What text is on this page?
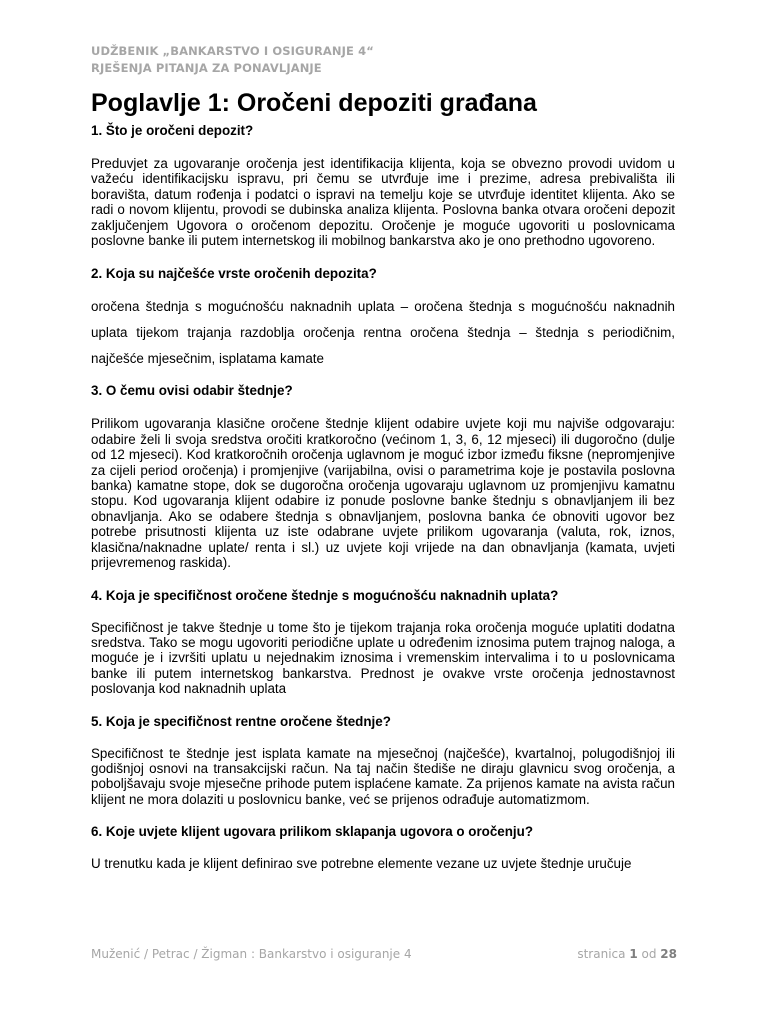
UDŽBENIK „BANKARSTVO I OSIGURANJE 4“
RJEŠENJA PITANJA ZA PONAVLJANJE
Poglavlje 1: Oročeni depoziti građana

1. Što je oročeni depozit?

Preduvjet za ugovaranje oročenja jest identifikacija klijenta, koja se obvezno provodi uvidom u važeću identifikacijsku ispravu, pri čemu se utvrđuje ime i prezime, adresa prebivališta ili boravišta, datum rođenja i podatci o ispravi na temelju koje se utvrđuje identitet klijenta. Ako se radi o novom klijentu, provodi se dubinska analiza klijenta. Poslovna banka otvara oročeni depozit zaključenjem Ugovora o oročenom depozitu. Oročenje je moguće ugovoriti u poslovnicama poslovne banke ili putem internetskog ili mobilnog bankarstva ako je ono prethodno ugovoreno.

2. Koja su najčešće vrste oročenih depozita?

oročena štednja s mogućnošću naknadnih uplata – oročena štednja s mogućnošću naknadnih uplata tijekom trajanja razdoblja oročenja rentna oročena štednja – štednja s periodičnim, najčešće mjesečnim, isplatama kamate

3. O čemu ovisi odabir štednje?

Prilikom ugovaranja klasične oročene štednje klijent odabire uvjete koji mu najviše odgovaraju: odabire želi li svoja sredstva oročiti kratkoročno (većinom 1, 3, 6, 12 mjeseci) ili dugoročno (dulje od 12 mjeseci). Kod kratkoročnih oročenja uglavnom je moguć izbor između fiksne (nepromjenjive za cijeli period oročenja) i promjenjive (varijabilna, ovisi o parametrima koje je postavila poslovna banka) kamatne stope, dok se dugoročna oročenja ugovaraju uglavnom uz promjenjivu kamatnu stopu. Kod ugovaranja klijent odabire iz ponude poslovne banke štednju s obnavljanjem ili bez obnavljanja. Ako se odabere štednja s obnavljanjem, poslovna banka će obnoviti ugovor bez potrebe prisutnosti klijenta uz iste odabrane uvjete prilikom ugovaranja (valuta, rok, iznos, klasična/naknadne uplate/ renta i sl.) uz uvjete koji vrijede na dan obnavljanja (kamata, uvjeti prijevremenog raskida).

4. Koja je specifičnost oročene štednje s mogućnošću naknadnih uplata?

Specifičnost je takve štednje u tome što je tijekom trajanja roka oročenja moguće uplatiti dodatna sredstva. Tako se mogu ugovoriti periodične uplate u određenim iznosima putem trajnog naloga, a moguće je i izvršiti uplatu u nejednakim iznosima i vremenskim intervalima i to u poslovnicama banke ili putem internetskog bankarstva. Prednost je ovakve vrste oročenja jednostavnost poslovanja kod naknadnih uplata

5. Koja je specifičnost rentne oročene štednje?

Specifičnost te štednje jest isplata kamate na mjesečnoj (najčešće), kvartalnoj, polugodišnjoj ili godišnjoj osnovi na transakcijski račun. Na taj način štediše ne diraju glavnicu svog oročenja, a poboljšavaju svoje mjesečne prihode putem isplaćene kamate. Za prijenos kamate na avista račun klijent ne mora dolaziti u poslovnicu banke, već se prijenos odrađuje automatizmom.

6. Koje uvjete klijent ugovara prilikom sklapanja ugovora o oročenju?

U trenutku kada je klijent definirao sve potrebne elemente vezane uz uvjete štednje uručuje

Muženić / Petrac / Žigman : Bankarstvo i osiguranje 4	stranica 1 od 28
